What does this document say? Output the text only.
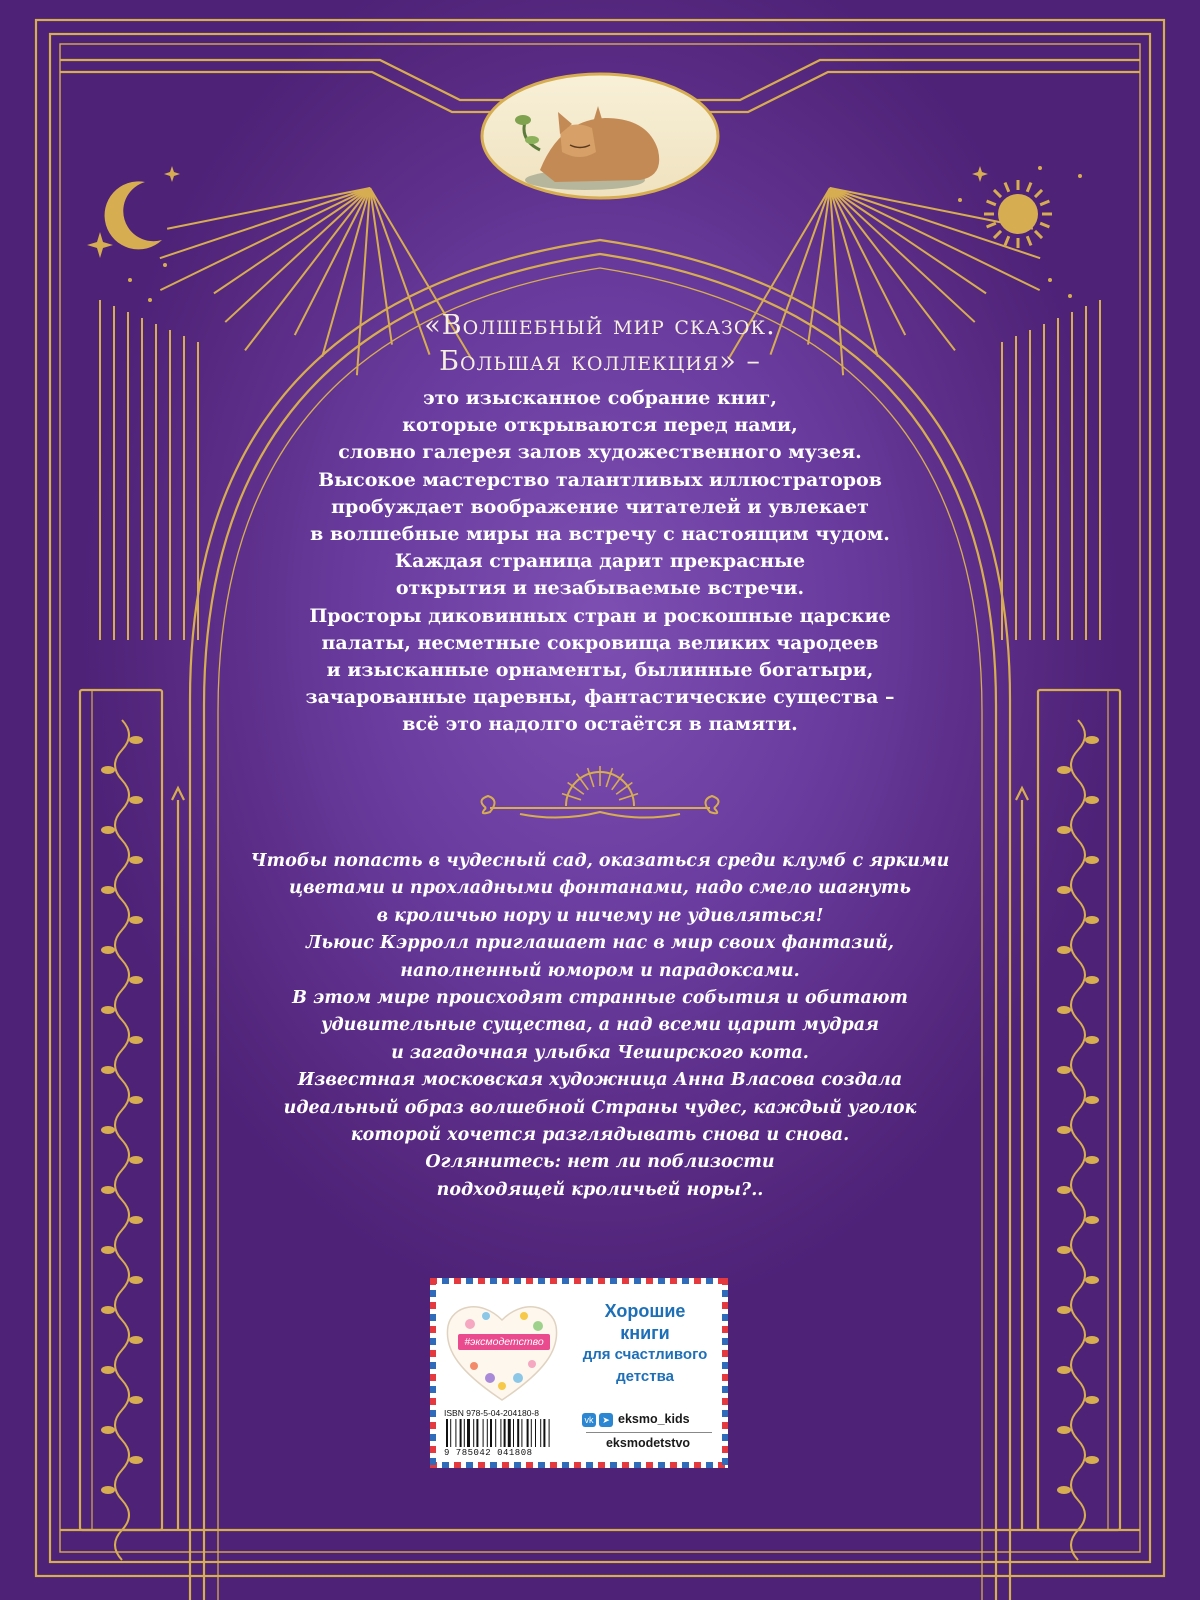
«Волшебный мир сказок.
Большая коллекция» –
это изысканное собрание книг,
которые открываются перед нами,
словно галерея залов художественного музея.
Высокое мастерство талантливых иллюстраторов
пробуждает воображение читателей и увлекает
в волшебные миры на встречу с настоящим чудом.
Каждая страница дарит прекрасные
открытия и незабываемые встречи.
Просторы диковинных стран и роскошные царские
палаты, несметные сокровища великих чародеев
и изысканные орнаменты, былинные богатыри,
зачарованные царевны, фантастические существа –
всё это надолго остаётся в памяти.
Чтобы попасть в чудесный сад, оказаться среди клумб с яркими
цветами и прохладными фонтанами, надо смело шагнуть
в кроличью нору и ничему не удивляться!
Льюис Кэрролл приглашает нас в мир своих фантазий,
наполненный юмором и парадоксами.
В этом мире происходят странные события и обитают
удивительные существа, а над всеми царит мудрая
и загадочная улыбка Чеширского кота.
Известная московская художница Анна Власова создала
идеальный образ волшебной Страны чудес, каждый уголок
которой хочется разглядывать снова и снова.
Оглянитесь: нет ли поблизости
подходящей кроличьей норы?..
#эксмодетство
Хорошие
книги
для счастливого
детства
ISBN 978-5-04-204180-8
9 785042 041808
vk ➤ eksmo_kids
eksmodetstvo
